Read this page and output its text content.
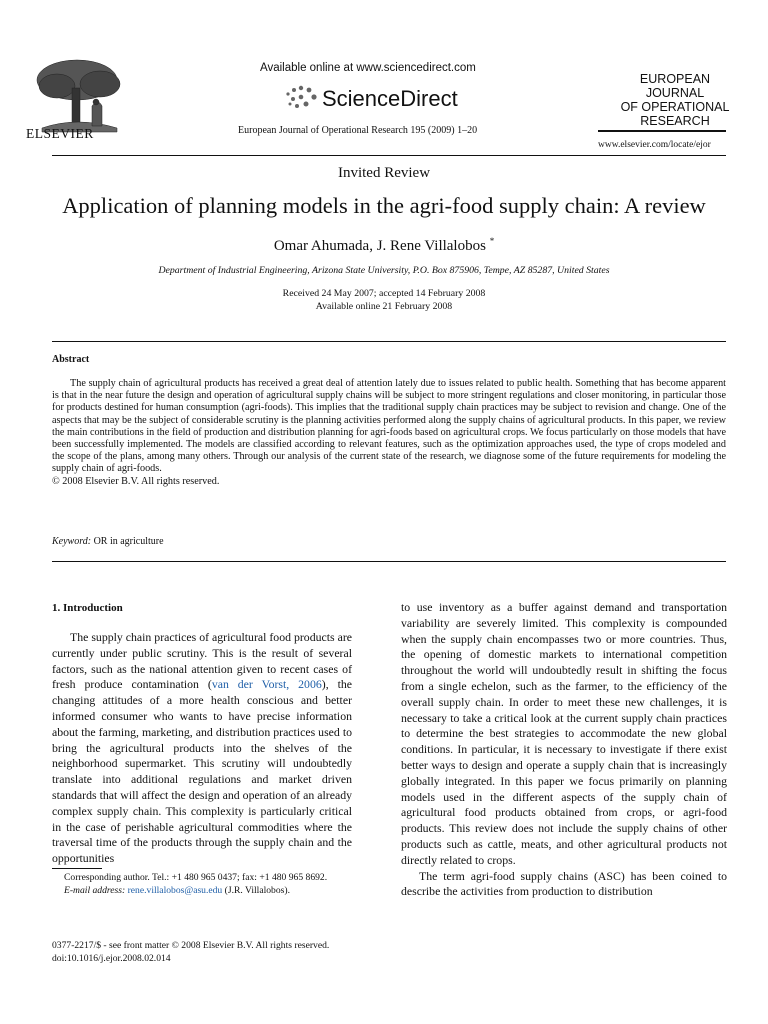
ELSEVIER
Available online at www.sciencedirect.com
ScienceDirect
European Journal of Operational Research 195 (2009) 1–20
EUROPEAN
JOURNAL
OF OPERATIONAL
RESEARCH
www.elsevier.com/locate/ejor
Invited Review
Application of planning models in the agri-food supply chain: A review
Omar Ahumada, J. Rene Villalobos *
Department of Industrial Engineering, Arizona State University, P.O. Box 875906, Tempe, AZ 85287, United States
Received 24 May 2007; accepted 14 February 2008
Available online 21 February 2008
Abstract

The supply chain of agricultural products has received a great deal of attention lately due to issues related to public health. Something that has become apparent is that in the near future the design and operation of agricultural supply chains will be subject to more stringent regulations and closer monitoring, in particular those for products destined for human consumption (agri-foods). This implies that the traditional supply chain practices may be subject to revision and change. One of the aspects that may be the subject of considerable scrutiny is the planning activities performed along the supply chains of agricultural products. In this paper, we review the main contributions in the field of production and distribution planning for agri-foods based on agricultural crops. We focus particularly on those models that have been successfully implemented. The models are classified according to relevant features, such as the optimization approaches used, the type of crops modeled and the scope of the plans, among many others. Through our analysis of the current state of the research, we diagnose some of the future requirements for modeling the supply chain of agri-foods.

© 2008 Elsevier B.V. All rights reserved.

Keyword: OR in agriculture
1. Introduction

The supply chain practices of agricultural food products are currently under public scrutiny. This is the result of several factors, such as the national attention given to recent cases of fresh produce contamination (van der Vorst, 2006), the changing attitudes of a more health conscious and better informed consumer who wants to have precise information about the farming, marketing, and distribution practices used to bring the agricultural products into the shelves of the neighborhood supermarket. This scrutiny will undoubtedly translate into additional regulations and market driven standards that will affect the design and operation of an already complex supply chain. This complexity is particularly critical in the case of perishable agricultural commodities where the traversal time of the products through the supply chain and the opportunities

to use inventory as a buffer against demand and transportation variability are severely limited. This complexity is compounded when the supply chain encompasses two or more countries. Thus, the opening of domestic markets to international competition throughout the world will undoubtedly result in shifting the focus from a single echelon, such as the farmer, to the efficiency of the overall supply chain. In order to meet these new challenges, it is necessary to take a critical look at the current supply chain practices to determine the best strategies to accommodate the new global conditions. In particular, it is necessary to investigate if there exist better ways to design and operate a supply chain that is increasingly globally integrated. In this paper we focus primarily on planning models used in the different aspects of the supply chain of agricultural food products obtained from crops, or agri-food products. This review does not include the supply chains of other products such as cattle, meats, and other agricultural products not directly related to crops.

The term agri-food supply chains (ASC) has been coined to describe the activities from production to distribution

Corresponding author. Tel.: +1 480 965 0437; fax: +1 480 965 8692.
E-mail address: rene.villalobos@asu.edu (J.R. Villalobos).
0377-2217/$ - see front matter © 2008 Elsevier B.V. All rights reserved.
doi:10.1016/j.ejor.2008.02.014
